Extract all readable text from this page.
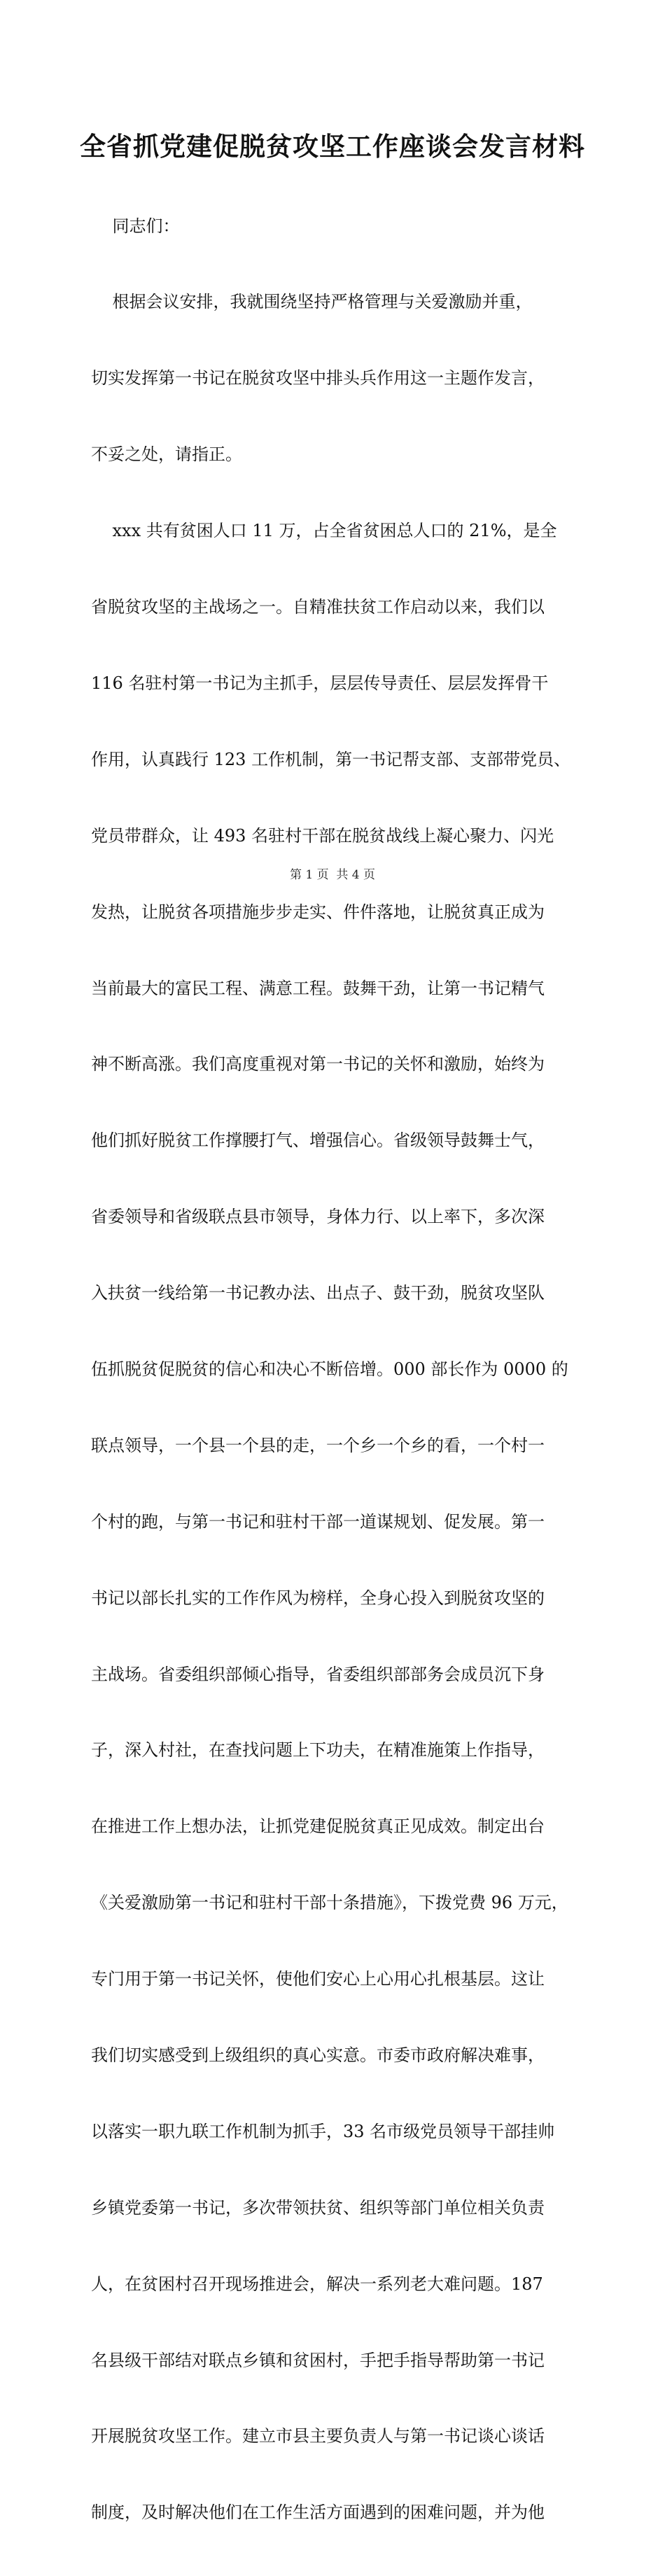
全省抓党建促脱贫攻坚工作座谈会发言材料

同志们：

根据会议安排，我就围绕坚持严格管理与关爱激励并重，

切实发挥第一书记在脱贫攻坚中排头兵作用这一主题作发言，

不妥之处，请指正。

xxx 共有贫困人口 11 万，占全省贫困总人口的 21%，是全

省脱贫攻坚的主战场之一。自精准扶贫工作启动以来，我们以

116 名驻村第一书记为主抓手，层层传导责任、层层发挥骨干

作用，认真践行 123 工作机制，第一书记帮支部、支部带党员、

党员带群众，让 493 名驻村干部在脱贫战线上凝心聚力、闪光

发热，让脱贫各项措施步步走实、件件落地，让脱贫真正成为

当前最大的富民工程、满意工程。鼓舞干劲，让第一书记精气

神不断高涨。我们高度重视对第一书记的关怀和激励，始终为

他们抓好脱贫工作撑腰打气、增强信心。省级领导鼓舞士气，

省委领导和省级联点县市领导，身体力行、以上率下，多次深

入扶贫一线给第一书记教办法、出点子、鼓干劲，脱贫攻坚队

伍抓脱贫促脱贫的信心和决心不断倍增。000 部长作为 0000 的

联点领导，一个县一个县的走，一个乡一个乡的看，一个村一

个村的跑，与第一书记和驻村干部一道谋规划、促发展。第一

书记以部长扎实的工作作风为榜样，全身心投入到脱贫攻坚的

主战场。省委组织部倾心指导，省委组织部部务会成员沉下身

子，深入村社，在查找问题上下功夫，在精准施策上作指导，

在推进工作上想办法，让抓党建促脱贫真正见成效。制定出台

《关爱激励第一书记和驻村干部十条措施》，下拨党费 96 万元，

专门用于第一书记关怀，使他们安心上心用心扎根基层。这让

我们切实感受到上级组织的真心实意。市委市政府解决难事，

以落实一职九联工作机制为抓手，33 名市级党员领导干部挂帅

乡镇党委第一书记，多次带领扶贫、组织等部门单位相关负责

人，在贫困村召开现场推进会，解决一系列老大难问题。187

名县级干部结对联点乡镇和贫困村，手把手指导帮助第一书记

开展脱贫攻坚工作。建立市县主要负责人与第一书记谈心谈话

制度，及时解决他们在工作生活方面遇到的困难问题，并为他

第 1 页  共 4 页
